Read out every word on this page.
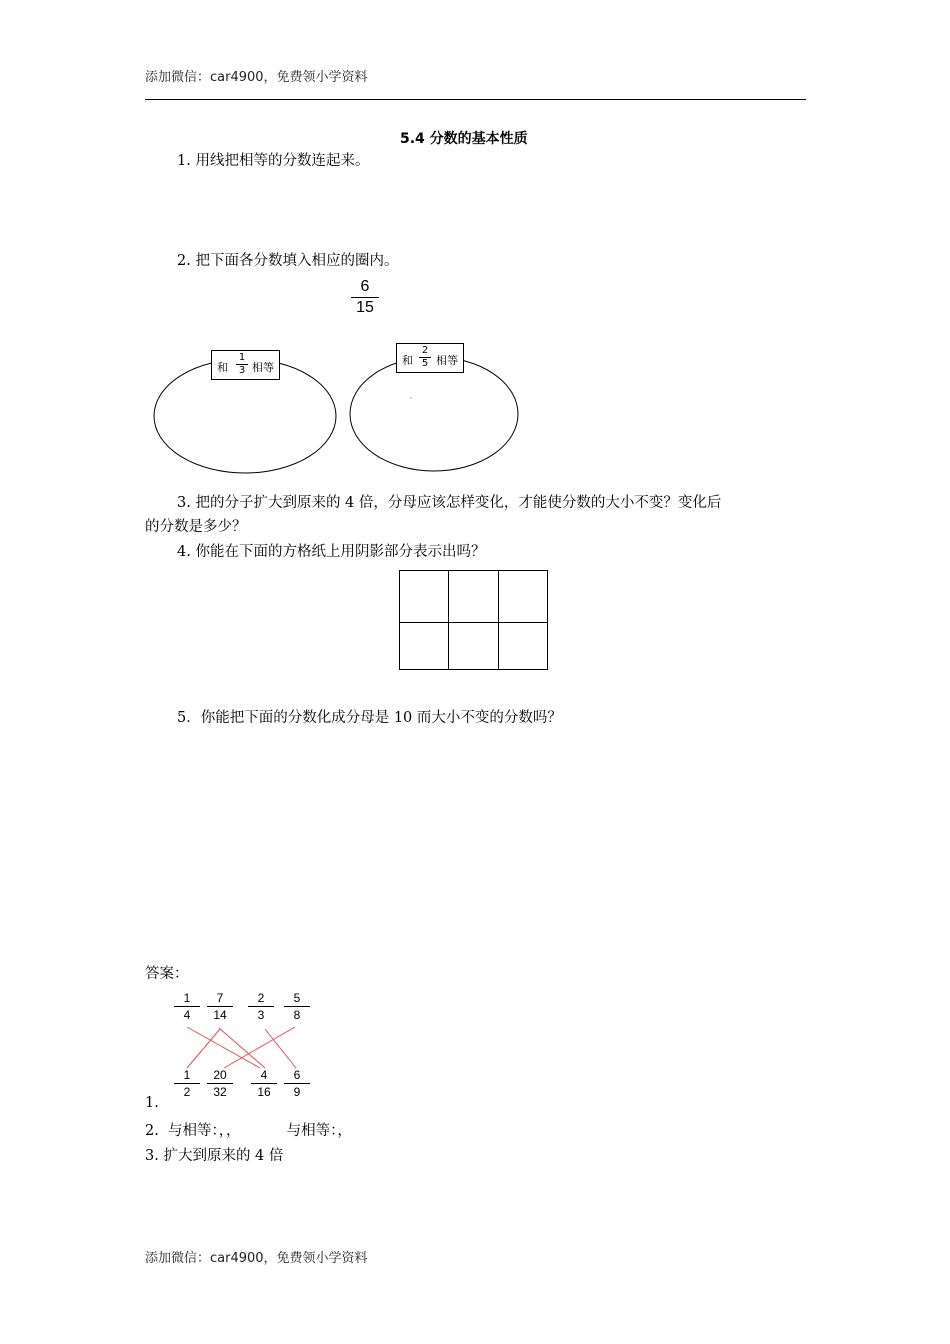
添加微信：car4900，免费领小学资料
5.4 分数的基本性质
1. 用线把相等的分数连起来。
2. 把下面各分数填入相应的圈内。
6
15
和
1
3 相等
和
2
5 相等
3. 把的分子扩大到原来的 4 倍，分母应该怎样变化，才能使分数的大小不变？变化后
的分数是多少？
4. 你能在下面的方格纸上用阴影部分表示出吗？
5．你能把下面的分数化成分母是 10 而大小不变的分数吗？
答案：
1
4
7
14
2
3
5
8
1
2
20
32
4
16
6
9
1.
2.  与相等：，，          与相等：，
3. 扩大到原来的 4 倍
添加微信：car4900，免费领小学资料
